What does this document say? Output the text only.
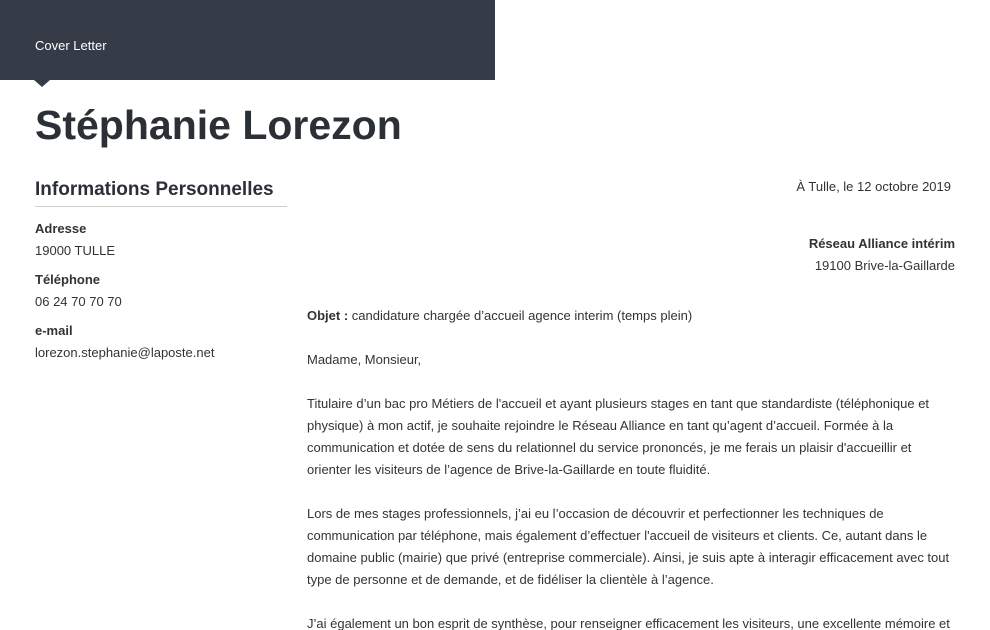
Cover Letter
Stéphanie Lorezon
Informations Personnelles
Adresse
19000 TULLE
Téléphone
06 24 70 70 70
e-mail
lorezon.stephanie@laposte.net
À Tulle, le 12 octobre 2019
Réseau Alliance intérim
19100 Brive-la-Gaillarde

Objet : candidature chargée d’accueil agence interim (temps plein)

Madame, Monsieur,

Titulaire d’un bac pro Métiers de l'accueil et ayant plusieurs stages en tant que standardiste (téléphonique et physique) à mon actif, je souhaite rejoindre le Réseau Alliance en tant qu’agent d’accueil. Formée à la communication et dotée de sens du relationnel du service prononcés, je me ferais un plaisir d'accueillir et orienter les visiteurs de l’agence de Brive-la-Gaillarde en toute fluidité.

Lors de mes stages professionnels, j’ai eu l’occasion de découvrir et perfectionner les techniques de communication par téléphone, mais également d’effectuer l'accueil de visiteurs et clients. Ce, autant dans le domaine public (mairie) que privé (entreprise commerciale). Ainsi, je suis apte à interagir efficacement avec tout type de personne et de demande, et de fidéliser la clientèle à l’agence.

J’ai également un bon esprit de synthèse, pour renseigner efficacement les visiteurs, une excellente mémoire et
